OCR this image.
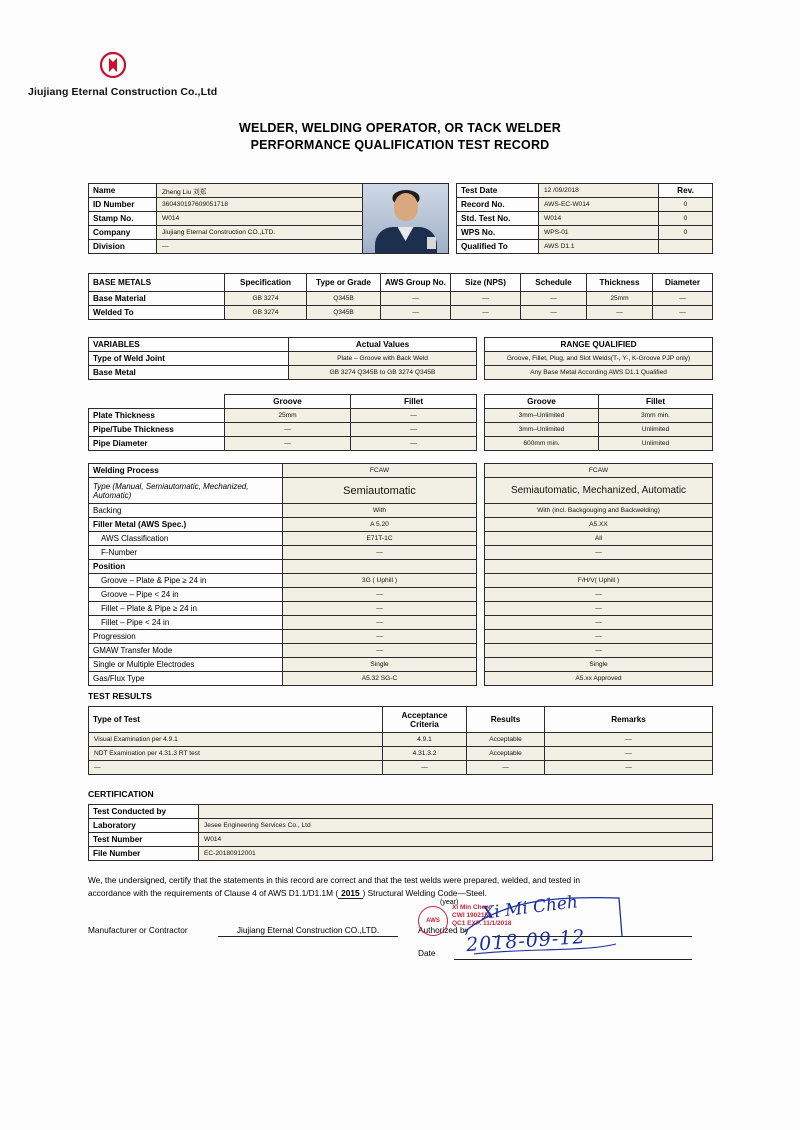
Jiujiang Eternal Construction Co.,Ltd
WELDER, WELDING OPERATOR, OR TACK WELDER
PERFORMANCE QUALIFICATION TEST RECORD
Name	Zheng Liu 刘郑			Test Date	12 /09/2018	Rev.
ID Number	360430197609051718			Record No.	AWS-EC-W014	0
Stamp No.	W014			Std. Test No.	W014	0
Company	Jiujiang Eternal Construction CO.,LTD.			WPS No.	WPS-01	0
Division	—			Qualified To	AWS D1.1	
BASE METALS	Specification	Type or Grade	AWS Group No.	Size (NPS)	Schedule	Thickness	Diameter
Base Material	GB 3274	Q345B	—	—	—	25mm	—
Welded To	GB 3274	Q345B	—	—	—	—	—
VARIABLES	Actual Values		RANGE QUALIFIED
Type of Weld Joint	Plate – Groove with Back Weld		Groove, Fillet, Plug, and Slot Welds(T-, Y-, K-Groove PJP only)
Base Metal	GB 3274 Q345B to GB 3274 Q345B		Any Base Metal According AWS D1.1 Qualified
	Groove	Fillet		Groove	Fillet
Plate Thickness	25mm	—		3mm–Unlimited	3mm min.
Pipe/Tube Thickness	—	—		3mm–Unlimited	Unlimited
Pipe Diameter	—	—		600mm min.	Unlimited
Welding Process	FCAW		FCAW
Type (Manual, Semiautomatic, Mechanized, Automatic)	Semiautomatic		Semiautomatic, Mechanized, Automatic
Backing	With		With (incl. Backgouging and Backwelding)
Filler Metal (AWS Spec.)	A 5.20		A5.XX
AWS Classification	E71T-1C		All
F-Number	—		—
Position			
Groove – Plate & Pipe ≥ 24 in	3G ( Uphill )		F/H/V( Uphill )
Groove – Pipe < 24 in	—		—
Fillet – Plate & Pipe ≥ 24 in	—		—
Fillet – Pipe < 24 in	—		—
Progression	—		—
GMAW Transfer Mode	—		—
Single or Multiple Electrodes	Single		Single
Gas/Flux Type	A5.32 SG-C		A5.xx Approved
TEST RESULTS
Type of Test	Acceptance Criteria	Results	Remarks
Visual Examination per 4.9.1	4.9.1	Acceptable	—
NDT Examination per 4.31.3 RT test	4.31.3.2	Acceptable	—
—	—	—	—
CERTIFICATION
Test Conducted by	
Laboratory	Jesee Engineering Services Co., Ltd
Test Number	W014
File Number	EC-20180912001
We, the undersigned, certify that the statements in this record are correct and that the test welds were prepared, welded, and tested in
accordance with the requirements of Clause 4 of AWS D1.1/D1.1M ( 2015 ) Structural Welding Code—Steel.
(year)
Manufacturer or Contractor	Jiujiang Eternal Construction CO.,LTD.	Authorized by
Date
AWS
Xi Min Chew
CWI 1902156
QC1 EXP. 11/1/2018
Xi Mi Cheh
2018-09-12
